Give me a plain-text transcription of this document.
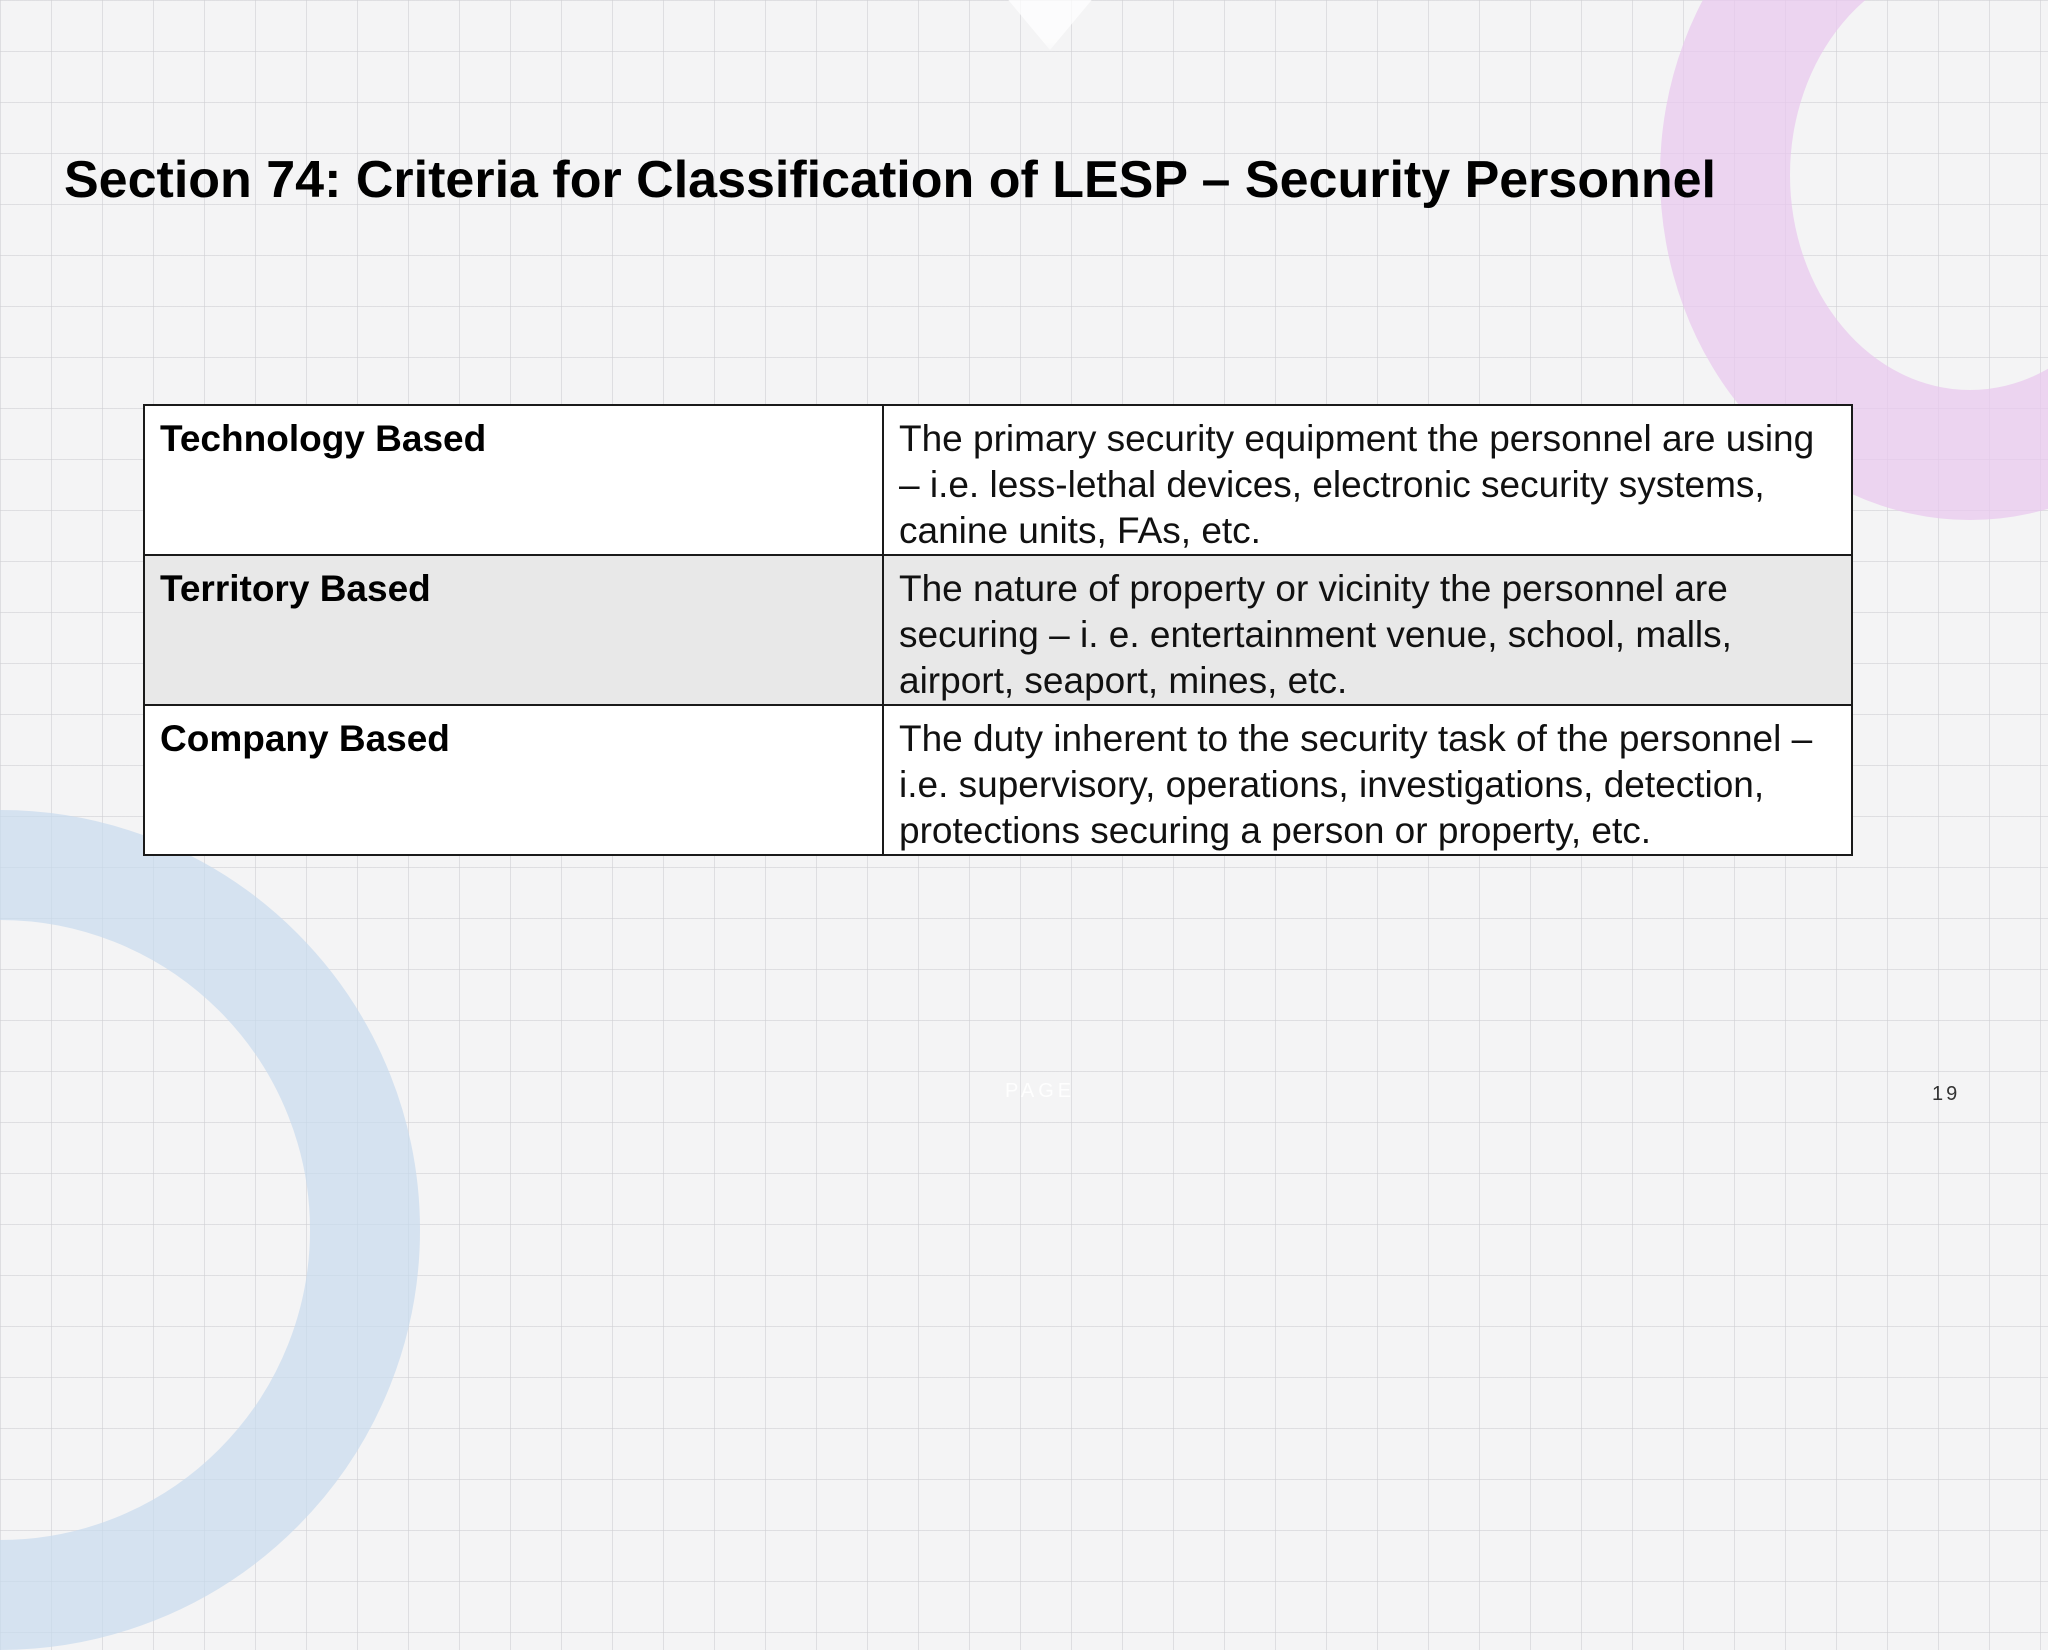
Section 74: Criteria for Classification of LESP – Security Personnel
Technology Based	The primary security equipment the personnel are using – i.e. less-lethal devices, electronic security systems, canine units, FAs, etc.
Territory Based	The nature of property or vicinity the personnel are securing – i. e. entertainment venue, school, malls, airport, seaport, mines, etc.
Company Based	The duty inherent to the security task of the personnel – i.e. supervisory, operations, investigations, detection, protections securing a person or property, etc.
PAGE	19
